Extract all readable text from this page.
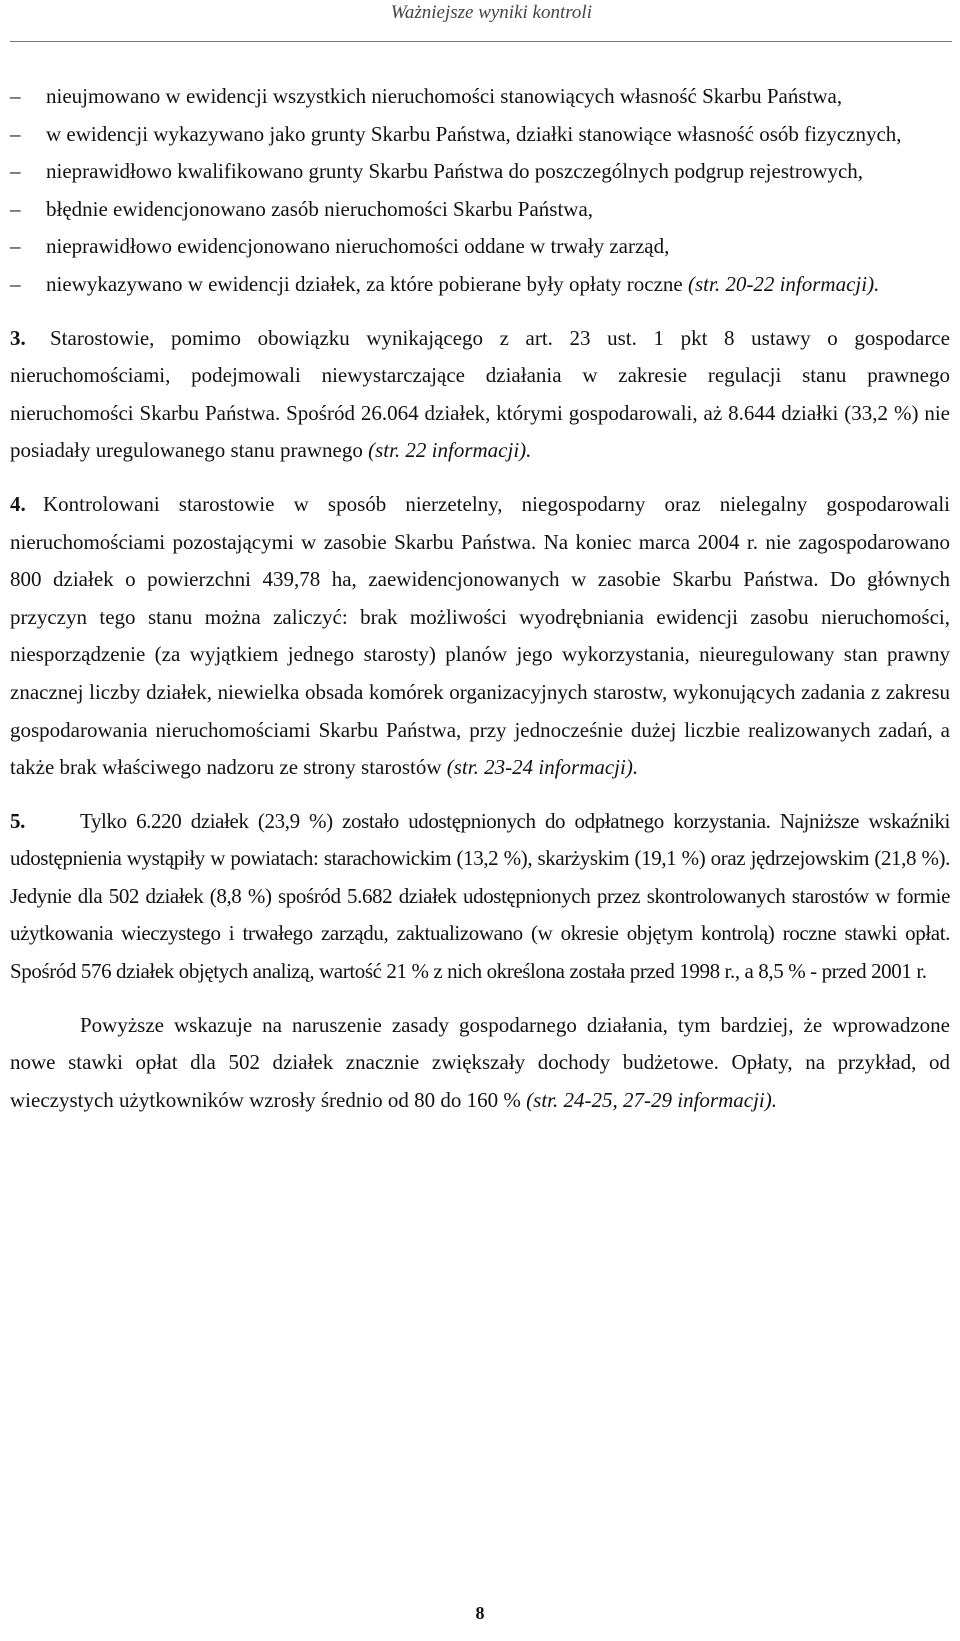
Ważniejsze wyniki kontroli
– nieujmowano w ewidencji wszystkich nieruchomości stanowiących własność Skarbu Państwa,
– w ewidencji wykazywano jako grunty Skarbu Państwa, działki stanowiące własność osób fizycznych,
– nieprawidłowo kwalifikowano grunty Skarbu Państwa do poszczególnych podgrup rejestrowych,
– błędnie ewidencjonowano zasób nieruchomości Skarbu Państwa,
– nieprawidłowo ewidencjonowano nieruchomości oddane w trwały zarząd,
– niewykazywano w ewidencji działek, za które pobierane były opłaty roczne (str. 20-22 informacji).

3. Starostowie, pomimo obowiązku wynikającego z art. 23 ust. 1 pkt 8 ustawy o gospodarce nieruchomościami, podejmowali niewystarczające działania w zakresie regulacji stanu prawnego nieruchomości Skarbu Państwa. Spośród 26.064 działek, którymi gospodarowali, aż 8.644 działki (33,2 %) nie posiadały uregulowanego stanu prawnego (str. 22 informacji).

4. Kontrolowani starostowie w sposób nierzetelny, niegospodarny oraz nielegalny gospodarowali nieruchomościami pozostającymi w zasobie Skarbu Państwa. Na koniec marca 2004 r. nie zagospodarowano 800 działek o powierzchni 439,78 ha, zaewidencjonowanych w zasobie Skarbu Państwa. Do głównych przyczyn tego stanu można zaliczyć: brak możliwości wyodrębniania ewidencji zasobu nieruchomości, niesporządzenie (za wyjątkiem jednego starosty) planów jego wykorzystania, nieuregulowany stan prawny znacznej liczby działek, niewielka obsada komórek organizacyjnych starostw, wykonujących zadania z zakresu gospodarowania nieruchomościami Skarbu Państwa, przy jednocześnie dużej liczbie realizowanych zadań, a także brak właściwego nadzoru ze strony starostów (str. 23-24 informacji).

5.	Tylko 6.220 działek (23,9 %) zostało udostępnionych do odpłatnego korzystania. Najniższe wskaźniki udostępnienia wystąpiły w powiatach: starachowickim (13,2 %), skarżyskim (19,1 %) oraz jędrzejowskim (21,8 %). Jedynie dla 502 działek (8,8 %) spośród 5.682 działek udostępnionych przez skontrolowanych starostów w formie użytkowania wieczystego i trwałego zarządu, zaktualizowano (w okresie objętym kontrolą) roczne stawki opłat. Spośród 576 działek objętych analizą, wartość 21 % z nich określona została przed 1998 r., a 8,5 % - przed 2001 r.

Powyższe wskazuje na naruszenie zasady gospodarnego działania, tym bardziej, że wprowadzone nowe stawki opłat dla 502 działek znacznie zwiększały dochody budżetowe. Opłaty, na przykład, od wieczystych użytkowników wzrosły średnio od 80 do 160 % (str. 24-25, 27-29 informacji).

8
